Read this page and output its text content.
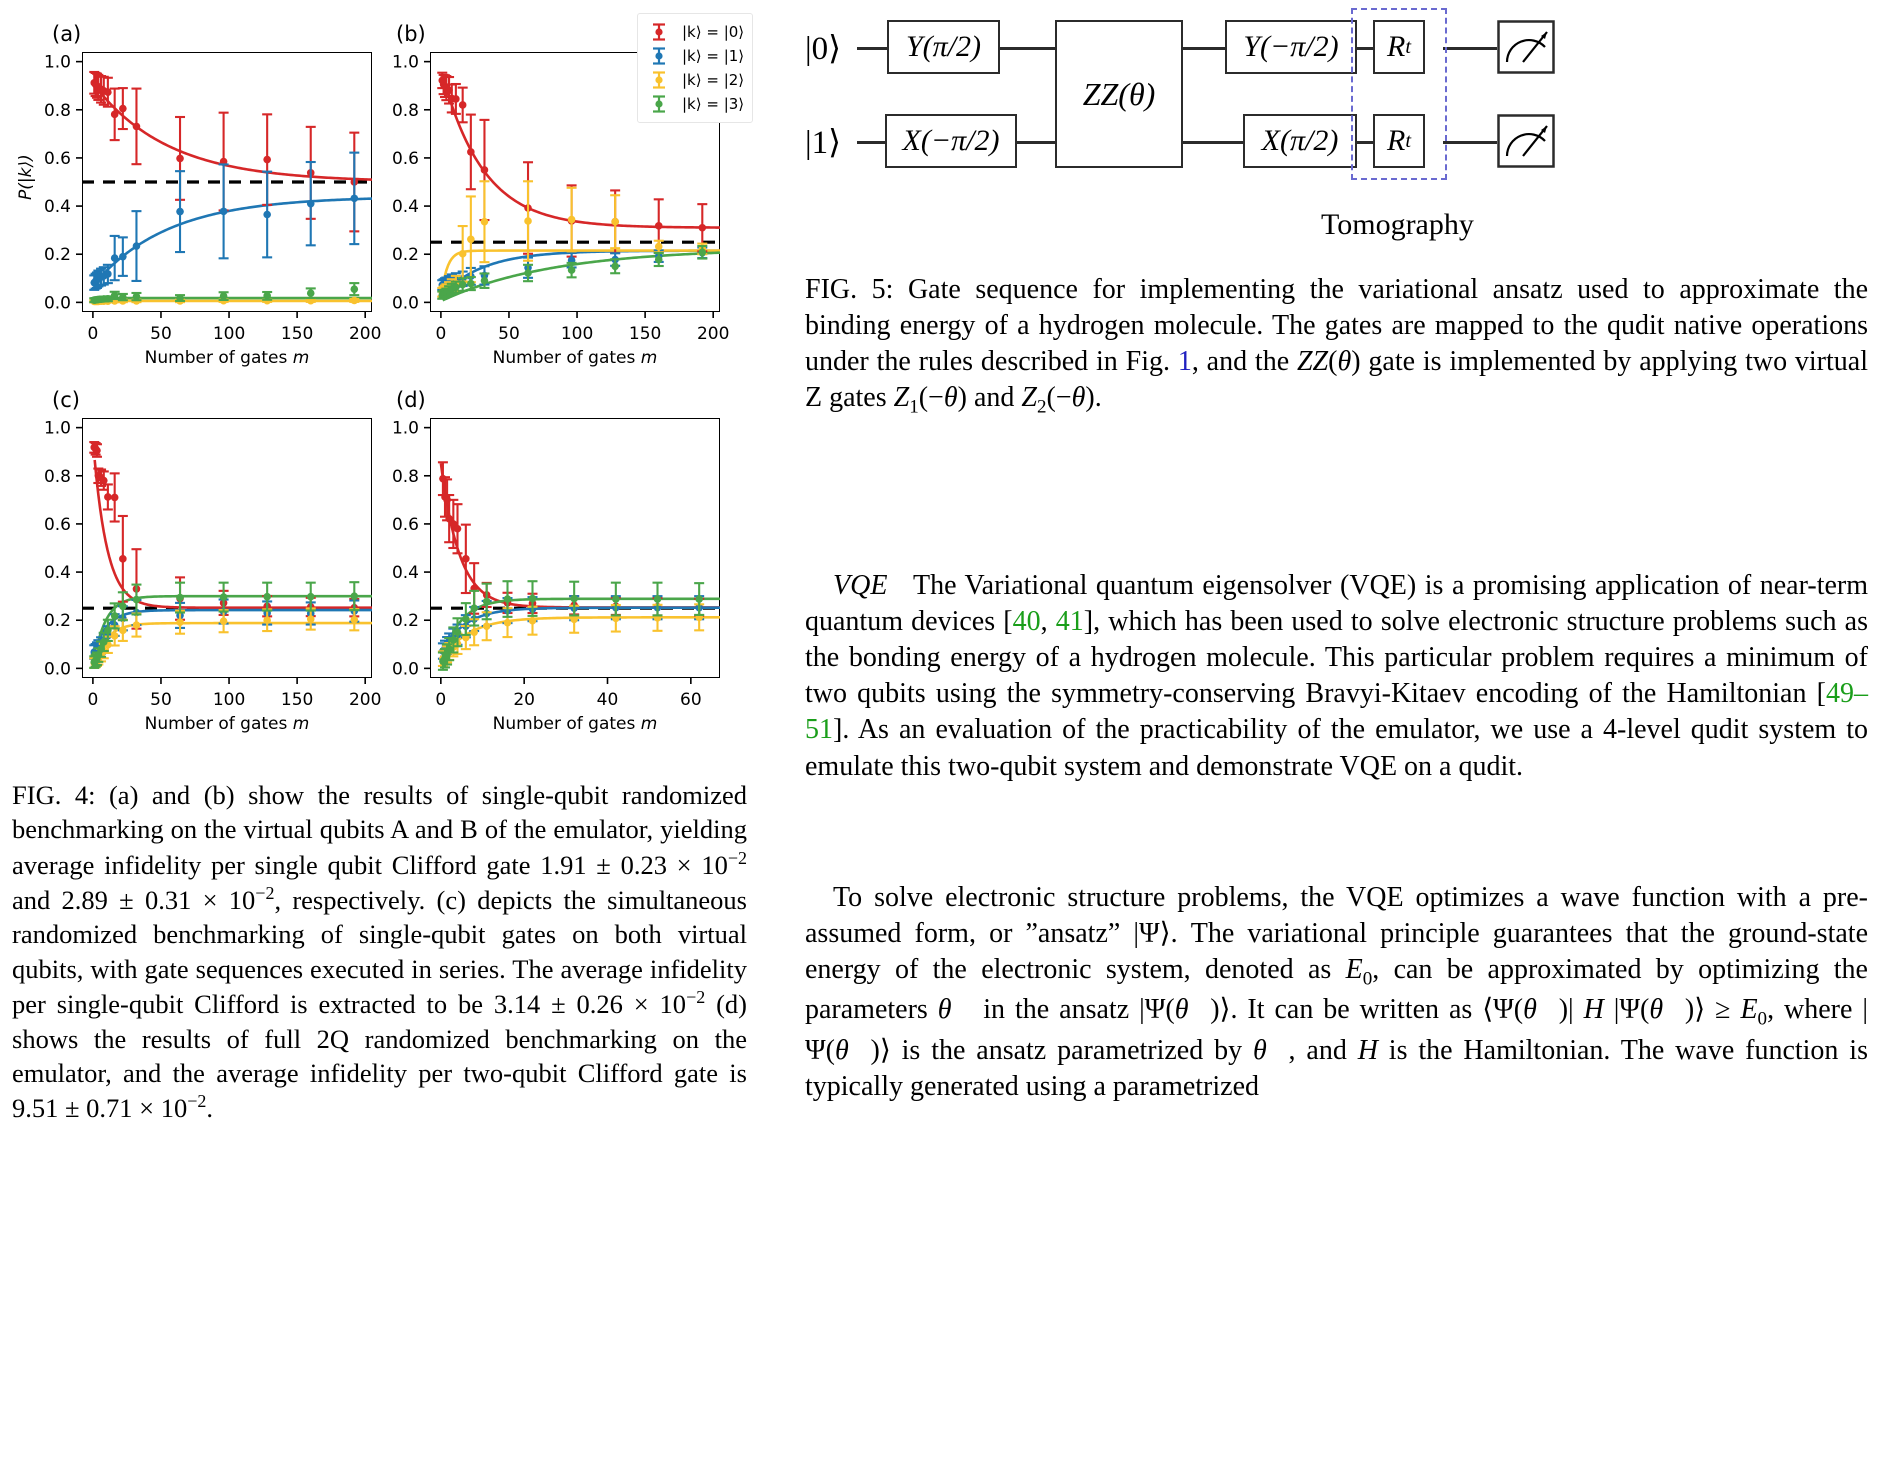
(a)
P(|k⟩)
0.0
0.2
0.4
0.6
0.8
1.0
0	50 100 150 200
Number of gates m
(b)
0.0
0.2
0.4
0.6
0.8
1.0
0	50 100 150 200
Number of gates m
(c)
0.0
0.2
0.4
0.6
0.8
1.0
0	50 100 150 200
Number of gates m
(d)
0.0
0.2
0.4
0.6
0.8
1.0
0	20	40	60
Number of gates m
|k⟩ = |0⟩
|k⟩ = |1⟩
|k⟩ = |2⟩
|k⟩ = |3⟩
FIG. 4: (a) and (b) show the results of single-qubit randomized benchmarking on the virtual qubits A and B of the emulator, yielding average infidelity per single qubit Clifford gate $1.91 \pm 0.23 \times 10^{-2}$ and $2.89 \pm 0.31 \times 10^{-2}$, respectively. (c) depicts the simultaneous randomized benchmarking of single-qubit gates on both virtual qubits, with gate sequences executed in series. The average infidelity per single-qubit Clifford is extracted to be $3.14 \pm 0.26 \times 10^{-2}$ (d) shows the results of full 2Q randomized benchmarking on the emulator, and the average infidelity per two-qubit Clifford gate is $9.51 \pm 0.71 \times 10^{-2}$.
|0⟩
|1⟩
Y(π/2)
X(−π/2)
ZZ(θ)
Y(−π/2)
X(π/2)
R t
R t
Tomography
FIG. 5: Gate sequence for implementing the variational ansatz used to approximate the binding energy of a hydrogen molecule. The gates are mapped to the qudit native operations under the rules described in Fig. 1, and the ZZ(θ) gate is implemented by applying two virtual Z gates $Z_1(-\theta)$ and $Z_2(-\theta)$.
VQE   The Variational quantum eigensolver (VQE) is a promising application of near-term quantum devices [40, 41], which has been used to solve electronic structure problems such as the bonding energy of a hydrogen molecule. This particular problem requires a minimum of two qubits using the symmetry-conserving Bravyi-Kitaev encoding of the Hamiltonian [49–51]. As an evaluation of the practicability of the emulator, we use a 4-level qudit system to emulate this two-qubit system and demonstrate VQE on a qudit.
To solve electronic structure problems, the VQE optimizes a wave function with a pre-assumed form, or ”ansatz” |Ψ⟩. The variational principle guarantees that the ground-state energy of the electronic system, denoted as $E_0$, can be approximated by optimizing the parameters θ⃗ in the ansatz |Ψ(θ⃗)⟩. It can be written as ⟨Ψ(θ⃗)| H |Ψ(θ⃗)⟩ ≥ $E_0$, where |Ψ(θ⃗)⟩ is the ansatz parametrized by θ⃗, and H is the Hamiltonian. The wave function is typically generated using a parametrized
